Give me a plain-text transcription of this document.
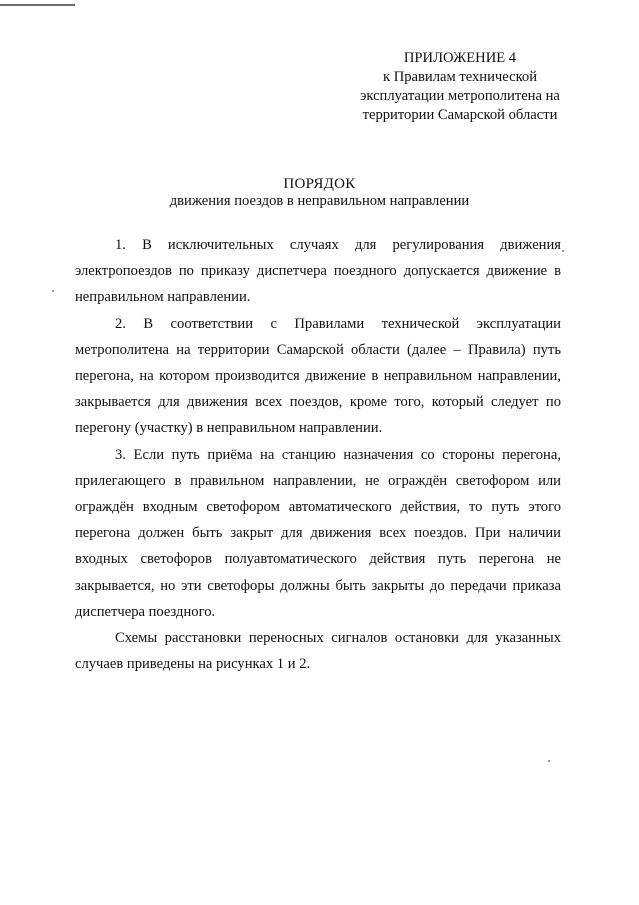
ПРИЛОЖЕНИЕ 4
к Правилам технической
эксплуатации метрополитена на
территории Самарской области
ПОРЯДОК
движения поездов в неправильном направлении

1. В исключительных случаях для регулирования движения электропоездов по приказу диспетчера поездного допускается движение в неправильном направлении.

2. В соответствии с Правилами технической эксплуатации метрополитена на территории Самарской области (далее – Правила) путь перегона, на котором производится движение в неправильном направлении, закрывается для движения всех поездов, кроме того, который следует по перегону (участку) в неправильном направлении.

3. Если путь приёма на станцию назначения со стороны перегона, прилегающего в правильном направлении, не ограждён светофором или ограждён входным светофором автоматического действия, то путь этого перегона должен быть закрыт для движения всех поездов. При наличии входных светофоров полуавтоматического действия путь перегона не закрывается, но эти светофоры должны быть закрыты до передачи приказа диспетчера поездного.

Схемы расстановки переносных сигналов остановки для указанных случаев приведены на рисунках 1 и 2.
